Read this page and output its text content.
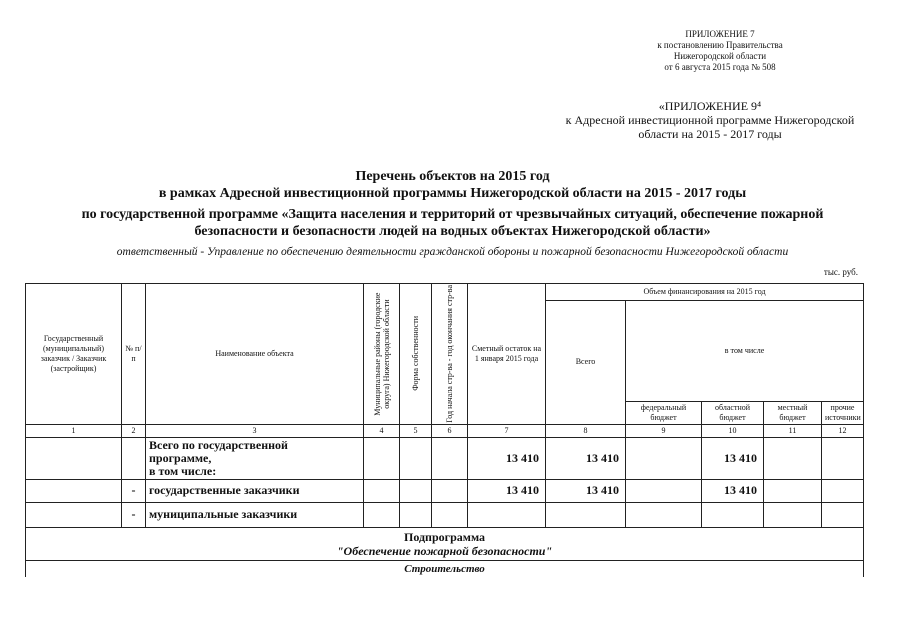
ПРИЛОЖЕНИЕ 7
к постановлению Правительства
Нижегородской области
от 6 августа 2015 года № 508
«ПРИЛОЖЕНИЕ 9⁴
к Адресной инвестиционной программе Нижегородской
области на 2015 - 2017 годы
Перечень объектов на 2015 год
в рамках Адресной инвестиционной программы Нижегородской области на 2015 - 2017 годы
по государственной программе «Защита населения и территорий от чрезвычайных ситуаций, обеспечение пожарной
безопасности и безопасности людей на водных объектах Нижегородской области»
ответственный - Управление по обеспечению деятельности гражданской обороны и пожарной безопасности Нижегородской области
тыс. руб.
Государственный (муниципальный) заказчик / Заказчик (застройщик)	№ п/п	Наименование объекта	Муниципальные районы (городские округа) Нижегородской области	Форма собственности	Год начала стр-ва - год окончания стр-ва	Сметный остаток на 1 января 2015 года	Объем финансирования на 2015 год				
							Всего	в том числе			
								федеральный бюджет	областной бюджет	местный бюджет	прочие источники
1	2	3	4	5	6	7	8	9	10	11	12

		Всего по государственной
программе,
в том числе:				13 410	13 410		13 410		
	-	государственные заказчики				13 410	13 410		13 410		
	-	муниципальные заказчики									

Подпрограмма
"Обеспечение пожарной безопасности"											

Строительство											
